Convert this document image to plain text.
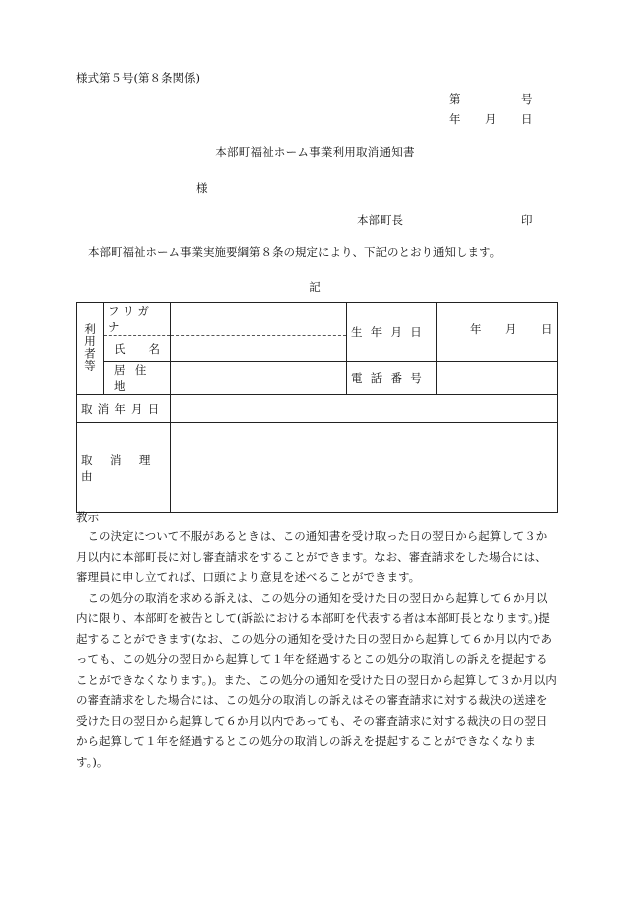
様式第５号(第８条関係)
第	号
年 月 日
本部町福祉ホーム事業利用取消通知書
様
本部町長	印
本部町福祉ホーム事業実施要綱第８条の規定により、下記のとおり通知します。
記
利用者等	フリガナ		生 年 月 日	年 月 日

	氏　　名			
	居 住 地		電 話 番 号	
取消年月日				
取 消 理 由				
教示

この決定について不服があるときは、この通知書を受け取った日の翌日から起算して３か月以内に本部町長に対し審査請求をすることができます。なお、審査請求をした場合には、審理員に申し立てれば、口頭により意見を述べることができます。

この処分の取消を求める訴えは、この処分の通知を受けた日の翌日から起算して６か月以内に限り、本部町を被告として(訴訟における本部町を代表する者は本部町長となります。)提起することができます(なお、この処分の通知を受けた日の翌日から起算して６か月以内であっても、この処分の翌日から起算して１年を経過するとこの処分の取消しの訴えを提起することができなくなります。)。また、この処分の通知を受けた日の翌日から起算して３か月以内の審査請求をした場合には、この処分の取消しの訴えはその審査請求に対する裁決の送達を受けた日の翌日から起算して６か月以内であっても、その審査請求に対する裁決の日の翌日から起算して１年を経過するとこの処分の取消しの訴えを提起することができなくなります。)。
